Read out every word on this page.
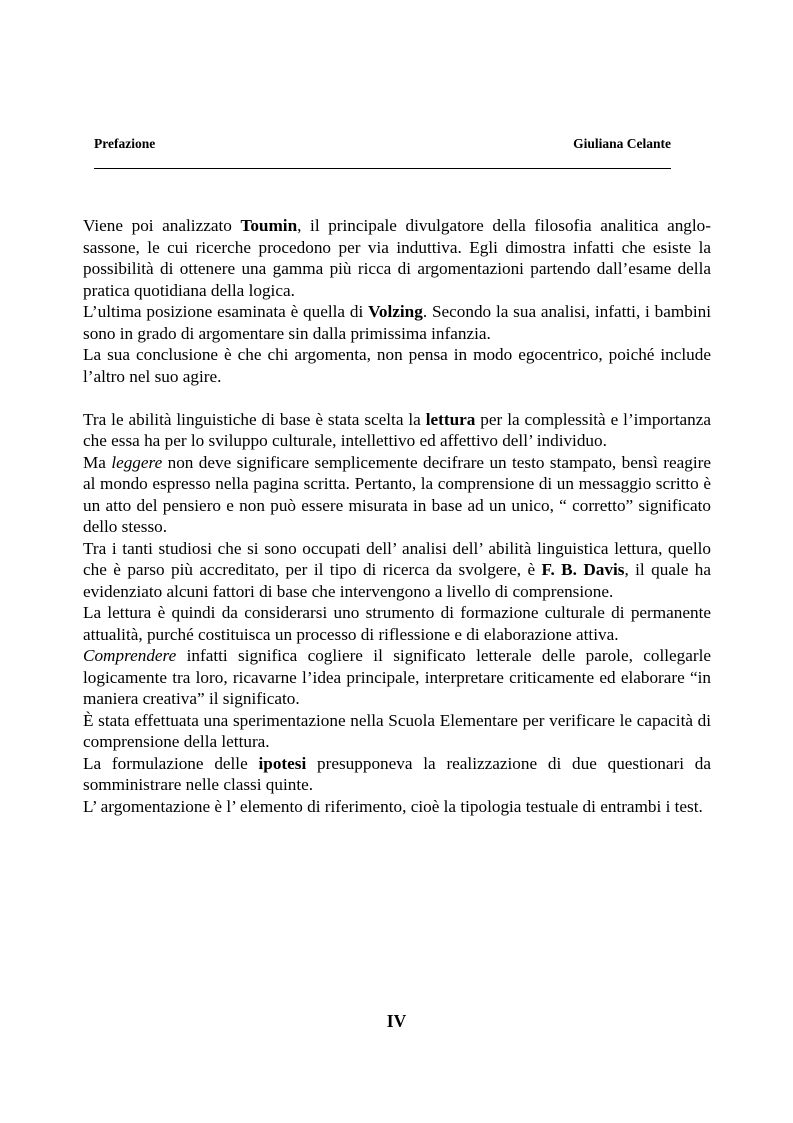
Prefazione	Giuliana Celante

Viene poi analizzato Toumin, il principale divulgatore della filosofia analitica anglo-sassone, le cui ricerche procedono per via induttiva. Egli dimostra infatti che esiste la possibilità di ottenere una gamma più ricca di argomentazioni partendo dall’esame della pratica quotidiana della logica.

L’ultima posizione esaminata è quella di Volzing. Secondo la sua analisi, infatti, i bambini sono in grado di argomentare sin dalla primissima infanzia.

La sua conclusione è che chi argomenta, non pensa in modo egocentrico, poiché include l’altro nel suo agire.

Tra le abilità linguistiche di base è stata scelta la lettura per la complessità e l’importanza che essa ha per lo sviluppo culturale, intellettivo ed affettivo dell’ individuo.

Ma leggere non deve significare semplicemente decifrare un testo stampato, bensì reagire al mondo espresso nella pagina scritta. Pertanto, la comprensione di un messaggio scritto è un atto del pensiero e non può essere misurata in base ad un unico, “ corretto” significato dello stesso.

Tra i tanti studiosi che si sono occupati dell’ analisi dell’ abilità linguistica lettura, quello che è parso più accreditato, per il tipo di ricerca da svolgere, è F. B. Davis, il quale ha evidenziato alcuni fattori di base che intervengono a livello di comprensione.

La lettura è quindi da considerarsi uno strumento di formazione culturale di permanente attualità, purché costituisca un processo di riflessione e di elaborazione attiva.

Comprendere infatti significa cogliere il significato letterale delle parole, collegarle logicamente tra loro, ricavarne l’idea principale, interpretare criticamente ed elaborare “in maniera creativa” il significato.

È stata effettuata una sperimentazione nella Scuola Elementare per verificare le capacità di comprensione della lettura.

La formulazione delle ipotesi presupponeva la realizzazione di due questionari da somministrare nelle classi quinte.

L’ argomentazione è l’ elemento di riferimento, cioè la tipologia testuale di entrambi i test.

IV
